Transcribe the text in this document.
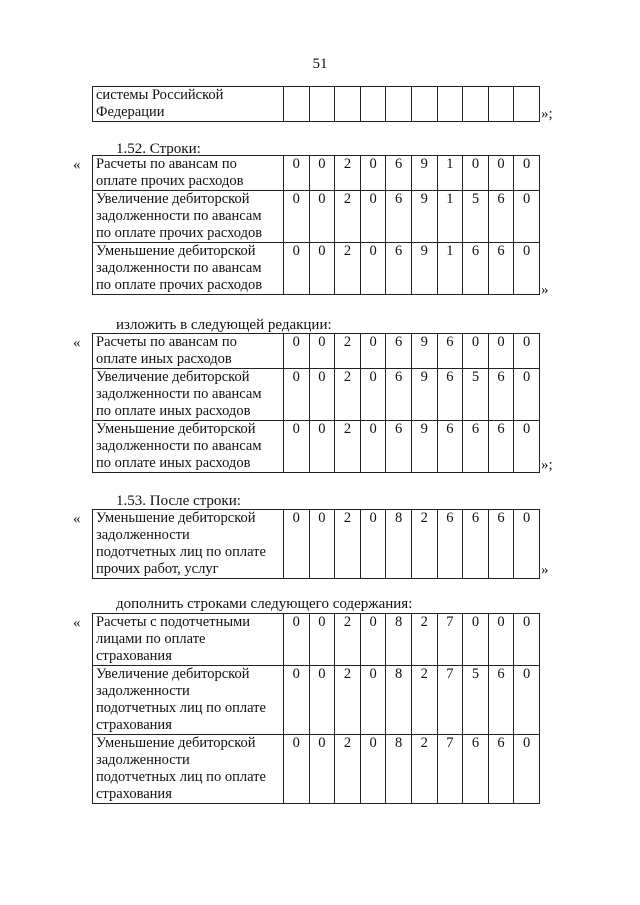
51
системы Российской
Федерации
											»;
1.52. Строки:
« Расчеты по авансам по
оплате прочих расходов	0	0	2	0	6	9	1	0	0	0

Увеличение дебиторской
задолженности по авансам
по оплате прочих расходов	0	0	2	0	6	9	1	5	6	0

Уменьшение дебиторской
задолженности по авансам
по оплате прочих расходов	0	0	2	0	6	9	1	6	6	0
»
изложить в следующей редакции:
« Расчеты по авансам по
оплате иных расходов	0	0	2	0	6	9	6	0	0	0

Увеличение дебиторской
задолженности по авансам
по оплате иных расходов	0	0	2	0	6	9	6	5	6	0

Уменьшение дебиторской
задолженности по авансам
по оплате иных расходов	0	0	2	0	6	9	6	6	6	0
»;
1.53. После строки:
« Уменьшение дебиторской
задолженности
подотчетных лиц по оплате
прочих работ, услуг
	0	0	2	0	8	2	6	6	6	0
»
дополнить строками следующего содержания:
« Расчеты с подотчетными
лицами по оплате
страхования	0	0	2	0	8	2	7	0	0	0

Увеличение дебиторской
задолженности
подотчетных лиц по оплате
страхования	0	0	2	0	8	2	7	5	6	0

Уменьшение дебиторской
задолженности
подотчетных лиц по оплате
страхования	0	0	2	0	8	2	7	6	6	0
